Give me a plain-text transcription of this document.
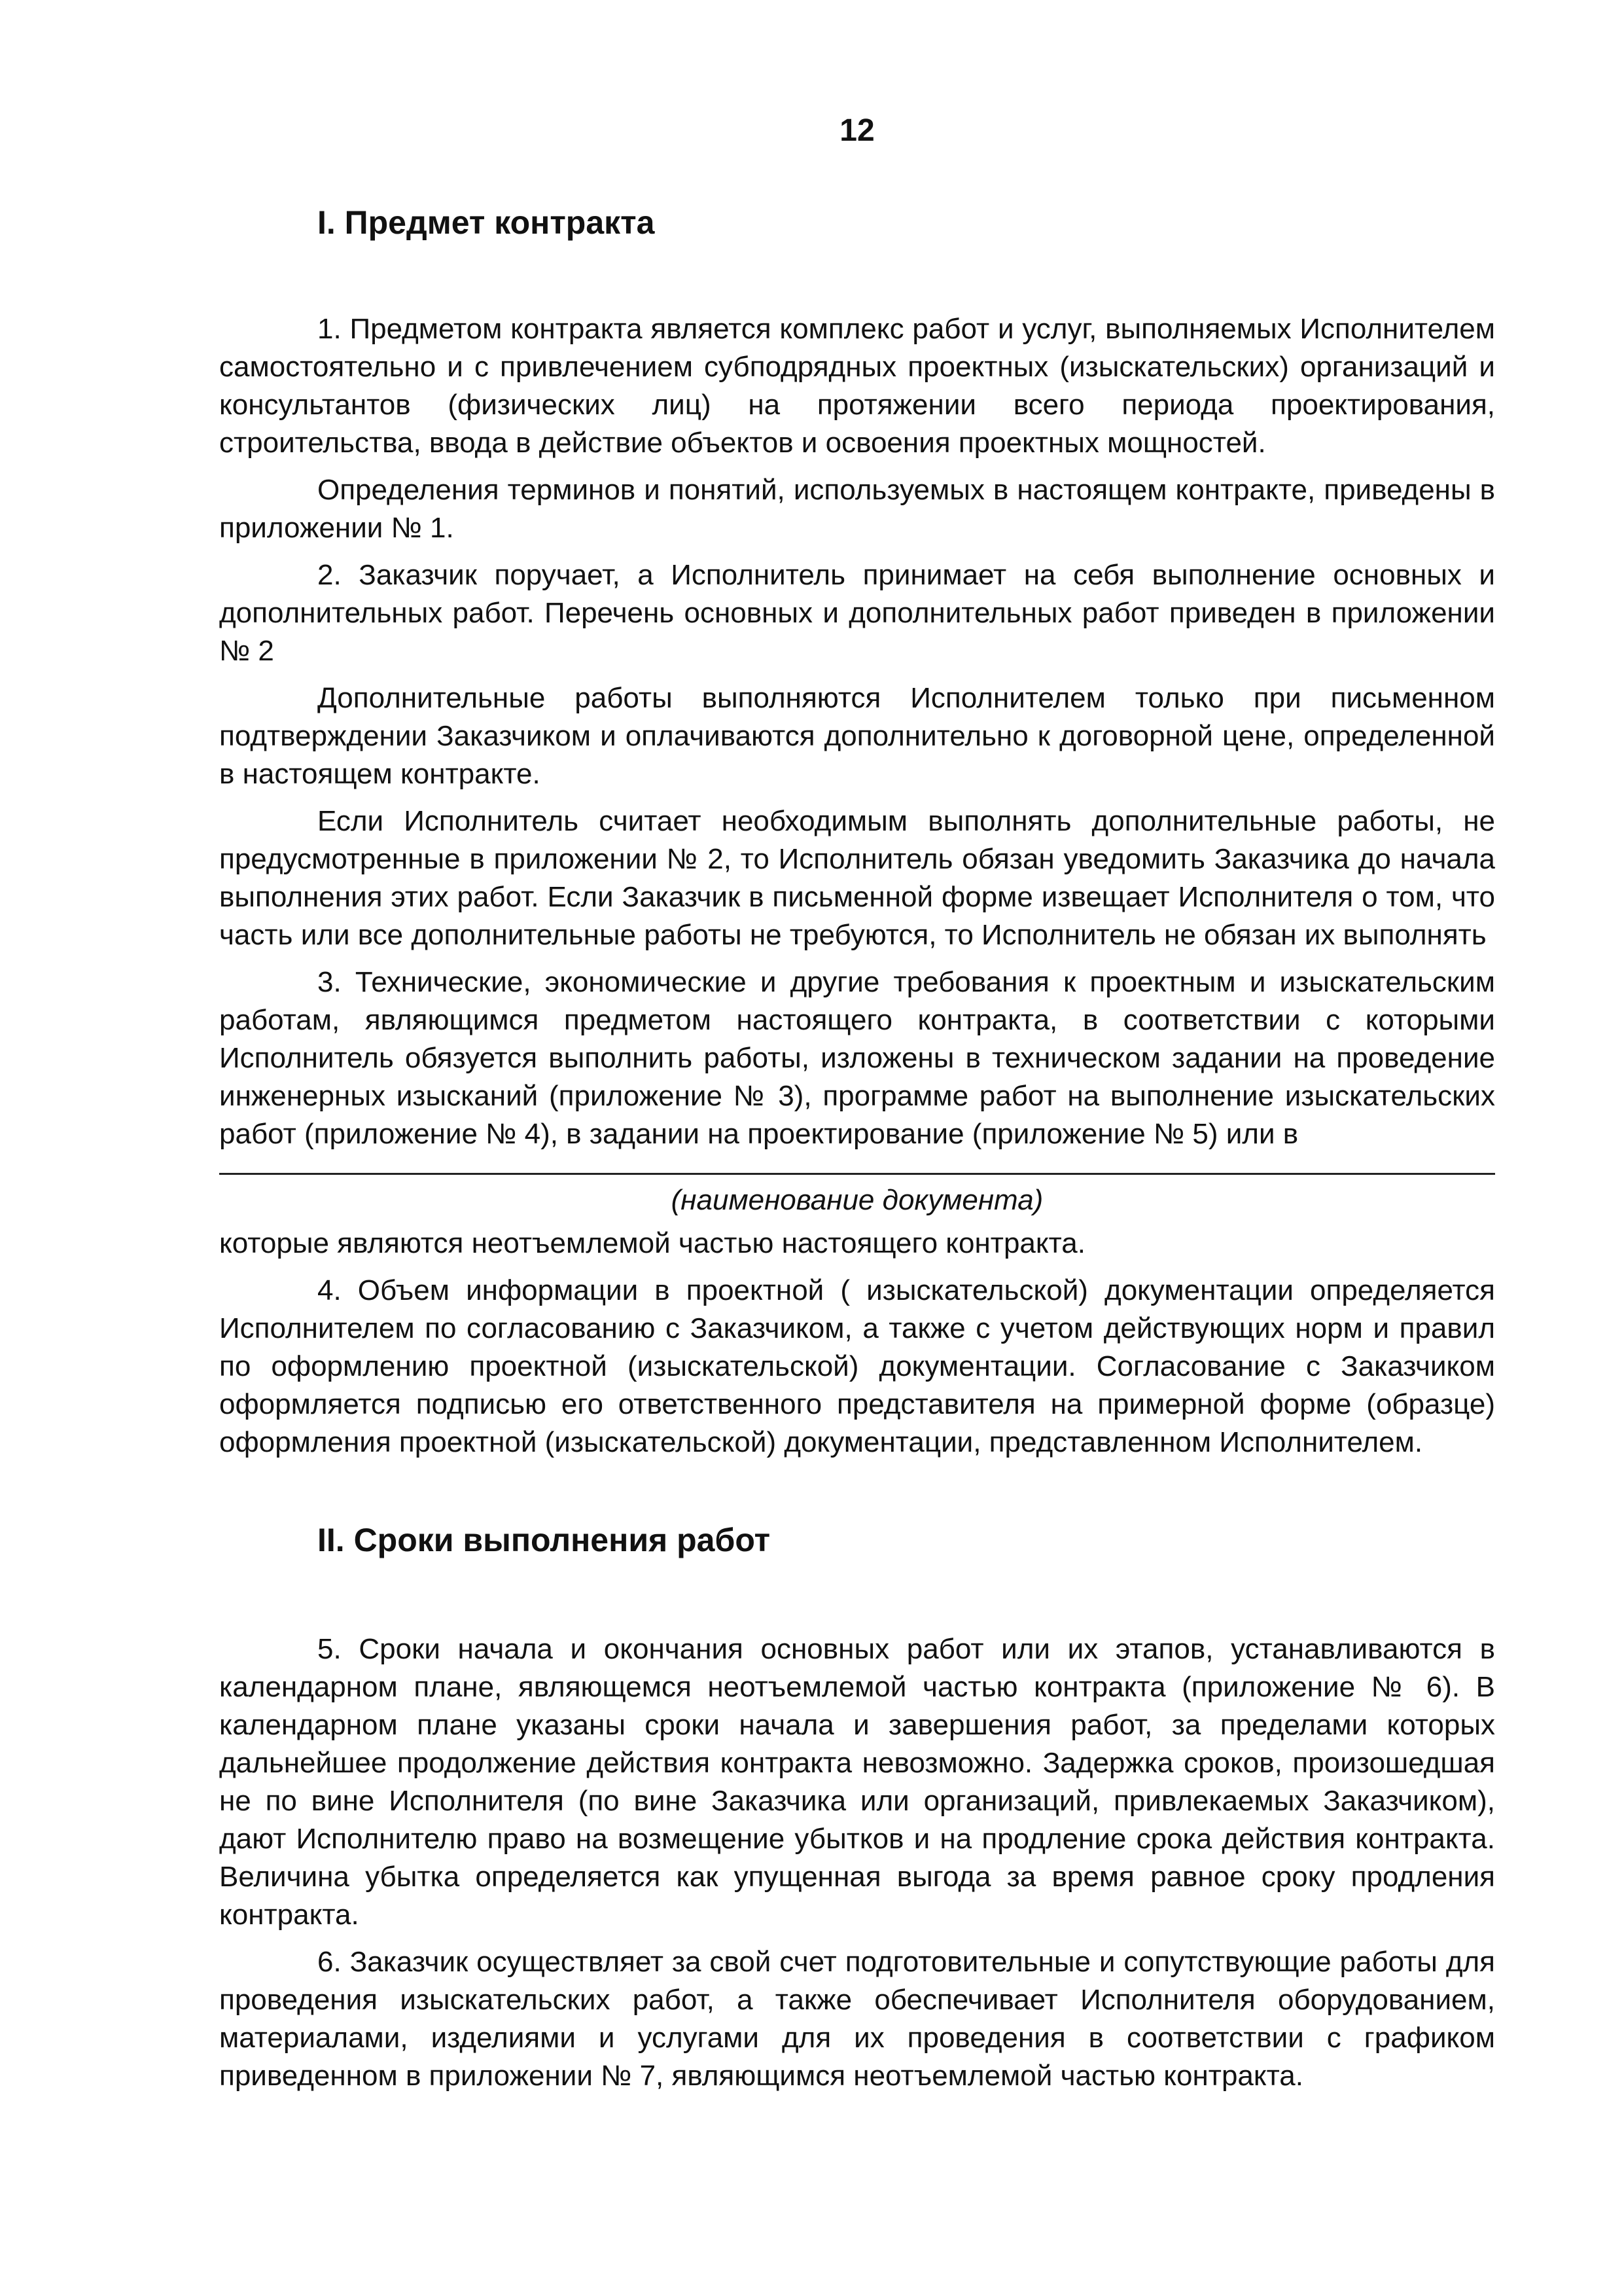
12
I. Предмет контракта

1. Предметом контракта является комплекс работ и услуг, выполняемых Исполнителем самостоятельно и с привлечением субподрядных проектных (изыскательских) организаций и консультантов (физических лиц) на протяжении всего периода проектирования, строительства, ввода в действие объектов и освоения проектных мощностей.

Определения терминов и понятий, используемых в настоящем контракте, приведены в приложении № 1.

2. Заказчик поручает, а Исполнитель принимает на себя выполнение основных и дополнительных работ. Перечень основных и дополнительных работ приведен в приложении № 2

Дополнительные работы выполняются Исполнителем только при письменном подтверждении Заказчиком и оплачиваются дополнительно к договорной цене, определенной в настоящем контракте.

Если Исполнитель считает необходимым выполнять дополнительные работы, не предусмотренные в приложении № 2, то Исполнитель обязан уведомить Заказчика до начала выполнения этих работ. Если Заказчик в письменной форме извещает Исполнителя о том, что часть или все дополнительные работы не требуются, то Исполнитель не обязан их выполнять

3. Технические, экономические и другие требования к проектным и изыскательским работам, являющимся предметом настоящего контракта, в соответствии с которыми Исполнитель обязуется выполнить работы, изложены в техническом задании на проведение инженерных изысканий (приложение № 3), программе работ на выполнение изыскательских работ (приложение № 4), в задании на проектирование (приложение № 5) или в

(наименование документа)

которые являются неотъемлемой частью настоящего контракта.

4. Объем информации в проектной ( изыскательской) документации определяется Исполнителем по согласованию с Заказчиком, а также с учетом действующих норм и правил по оформлению проектной (изыскательской) документации. Согласование с Заказчиком оформляется подписью его ответственного представителя на примерной форме (образце) оформления проектной (изыскательской) документации, представленном Исполнителем.

II. Сроки выполнения работ

5. Сроки начала и окончания основных работ или их этапов, устанавливаются в календарном плане, являющемся неотъемлемой частью контракта (приложение № 6). В календарном плане указаны сроки начала и завершения работ, за пределами которых дальнейшее продолжение действия контракта невозможно. Задержка сроков, произошедшая не по вине Исполнителя (по вине Заказчика или организаций, привлекаемых Заказчиком), дают Исполнителю право на возмещение убытков и на продление срока действия контракта. Величина убытка определяется как упущенная выгода за время равное сроку продления контракта.

6. Заказчик осуществляет за свой счет подготовительные и сопутствующие работы для проведения изыскательских работ, а также обеспечивает Исполнителя оборудованием, материалами, изделиями и услугами для их проведения в соответствии с графиком приведенном в приложении № 7, являющимся неотъемлемой частью контракта.
